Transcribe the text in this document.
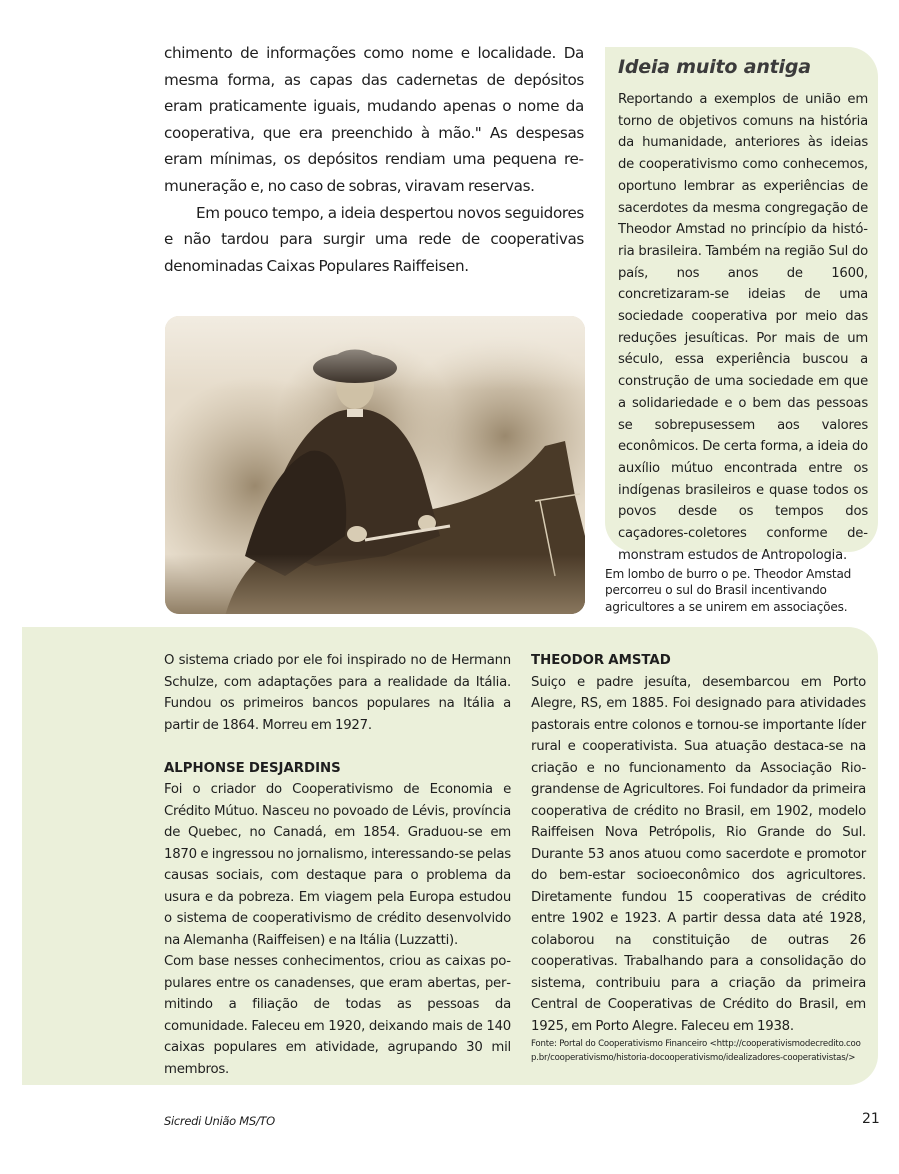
chimento de informações como nome e localidade. Da mesma forma, as capas das cadernetas de depósitos eram praticamente iguais, mudando apenas o nome da cooperativa, que era preenchido à mão." As despesas eram mínimas, os depósitos rendiam uma pequena remuneração e, no caso de sobras, viravam reservas.

Em pouco tempo, a ideia despertou novos seguidores e não tardou para surgir uma rede de cooperativas denominadas Caixas Populares Raiffeisen.

Ideia muito antiga

Reportando a exemplos de união em torno de objetivos comuns na história da humanidade, anteriores às ideias de cooperativismo como conhecemos, oportuno lembrar as experiências de sacerdotes da mesma congregação de Theodor Amstad no princípio da história brasileira. Também na região Sul do país, nos anos de 1600, concretizaram-se ideias de uma sociedade cooperativa por meio das reduções jesuíticas. Por mais de um século, essa experiência buscou a construção de uma sociedade em que a solidariedade e o bem das pessoas se sobrepusessem aos valores econômicos. De certa forma, a ideia do auxílio mútuo encontrada entre os indígenas brasileiros e quase todos os povos desde os tempos dos caçadores-coletores conforme demonstram estudos de Antropologia.

Em lombo de burro o pe. Theodor Amstad percorreu o sul do Brasil incentivando agricultores a se unirem em associações.

O sistema criado por ele foi inspirado no de Hermann Schulze, com adaptações para a realidade da Itália. Fundou os primeiros bancos populares na Itália a partir de 1864. Morreu em 1927.

ALPHONSE DESJARDINS

Foi o criador do Cooperativismo de Economia e Crédito Mútuo. Nasceu no povoado de Lévis, província de Quebec, no Canadá, em 1854. Graduou-se em 1870 e ingressou no jornalismo, interessando-se pelas causas sociais, com destaque para o problema da usura e da pobreza. Em viagem pela Europa estudou o sistema de cooperativismo de crédito desenvolvido na Alemanha (Raiffeisen) e na Itália (Luzzatti).

Com base nesses conhecimentos, criou as caixas populares entre os canadenses, que eram abertas, permitindo a filiação de todas as pessoas da comunidade. Faleceu em 1920, deixando mais de 140 caixas populares em atividade, agrupando 30 mil membros.

THEODOR AMSTAD

Suiço e padre jesuíta, desembarcou em Porto Alegre, RS, em 1885. Foi designado para atividades pastorais entre colonos e tornou-se importante líder rural e cooperativista. Sua atuação destaca-se na criação e no funcionamento da Associação Rio-grandense de Agricultores. Foi fundador da primeira cooperativa de crédito no Brasil, em 1902, modelo Raiffeisen Nova Petrópolis, Rio Grande do Sul. Durante 53 anos atuou como sacerdote e promotor do bem-estar socioeconômico dos agricultores. Diretamente fundou 15 cooperativas de crédito entre 1902 e 1923. A partir dessa data até 1928, colaborou na constituição de outras 26 cooperativas. Trabalhando para a consolidação do sistema, contribuiu para a criação da primeira Central de Cooperativas de Crédito do Brasil, em 1925, em Porto Alegre. Faleceu em 1938.

Fonte: Portal do Cooperativismo Financeiro <http://cooperativismodecredito.coop.br/cooperativismo/historia-docooperativismo/idealizadores-cooperativistas/>

Sicredi União MS/TO	21
